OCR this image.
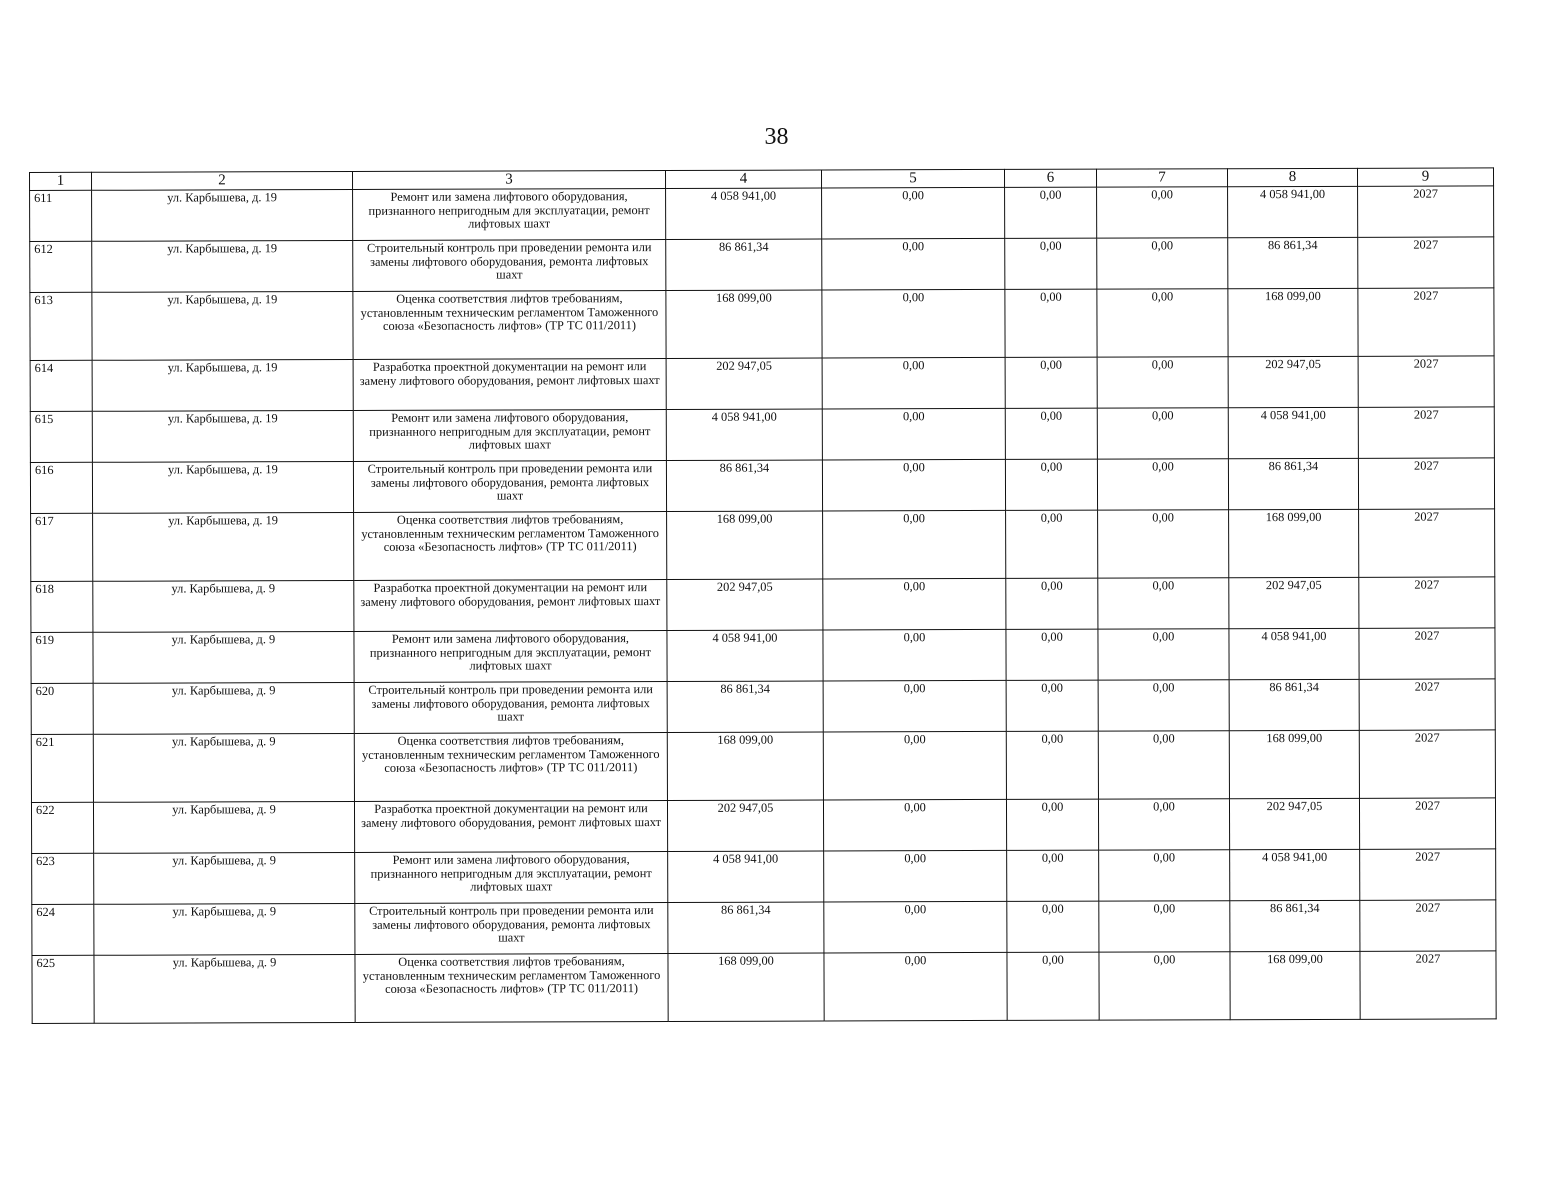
38
1	2	3	4	5	6	7	8	9
611	ул. Карбышева, д. 19	Ремонт или замена лифтового оборудования, признанного непригодным для эксплуатации, ремонт лифтовых шахт	4 058 941,00	0,00	0,00	0,00	4 058 941,00	2027
612	ул. Карбышева, д. 19	Строительный контроль при проведении ремонта или замены лифтового оборудования, ремонта лифтовых шахт	86 861,34	0,00	0,00	0,00	86 861,34	2027
613	ул. Карбышева, д. 19	Оценка соответствия лифтов требованиям, установленным техническим регламентом Таможенного союза «Безопасность лифтов» (ТР ТС 011/2011)	168 099,00	0,00	0,00	0,00	168 099,00	2027
614	ул. Карбышева, д. 19	Разработка проектной документации на ремонт или замену лифтового оборудования, ремонт лифтовых шахт	202 947,05	0,00	0,00	0,00	202 947,05	2027
615	ул. Карбышева, д. 19	Ремонт или замена лифтового оборудования, признанного непригодным для эксплуатации, ремонт лифтовых шахт	4 058 941,00	0,00	0,00	0,00	4 058 941,00	2027
616	ул. Карбышева, д. 19	Строительный контроль при проведении ремонта или замены лифтового оборудования, ремонта лифтовых шахт	86 861,34	0,00	0,00	0,00	86 861,34	2027
617	ул. Карбышева, д. 19	Оценка соответствия лифтов требованиям, установленным техническим регламентом Таможенного союза «Безопасность лифтов» (ТР ТС 011/2011)	168 099,00	0,00	0,00	0,00	168 099,00	2027
618	ул. Карбышева, д. 9	Разработка проектной документации на ремонт или замену лифтового оборудования, ремонт лифтовых шахт	202 947,05	0,00	0,00	0,00	202 947,05	2027
619	ул. Карбышева, д. 9	Ремонт или замена лифтового оборудования, признанного непригодным для эксплуатации, ремонт лифтовых шахт	4 058 941,00	0,00	0,00	0,00	4 058 941,00	2027
620	ул. Карбышева, д. 9	Строительный контроль при проведении ремонта или замены лифтового оборудования, ремонта лифтовых шахт	86 861,34	0,00	0,00	0,00	86 861,34	2027
621	ул. Карбышева, д. 9	Оценка соответствия лифтов требованиям, установленным техническим регламентом Таможенного союза «Безопасность лифтов» (ТР ТС 011/2011)	168 099,00	0,00	0,00	0,00	168 099,00	2027
622	ул. Карбышева, д. 9	Разработка проектной документации на ремонт или замену лифтового оборудования, ремонт лифтовых шахт	202 947,05	0,00	0,00	0,00	202 947,05	2027
623	ул. Карбышева, д. 9	Ремонт или замена лифтового оборудования, признанного непригодным для эксплуатации, ремонт лифтовых шахт	4 058 941,00	0,00	0,00	0,00	4 058 941,00	2027
624	ул. Карбышева, д. 9	Строительный контроль при проведении ремонта или замены лифтового оборудования, ремонта лифтовых шахт	86 861,34	0,00	0,00	0,00	86 861,34	2027
625	ул. Карбышева, д. 9	Оценка соответствия лифтов требованиям, установленным техническим регламентом Таможенного союза «Безопасность лифтов» (ТР ТС 011/2011)	168 099,00	0,00	0,00	0,00	168 099,00	2027
